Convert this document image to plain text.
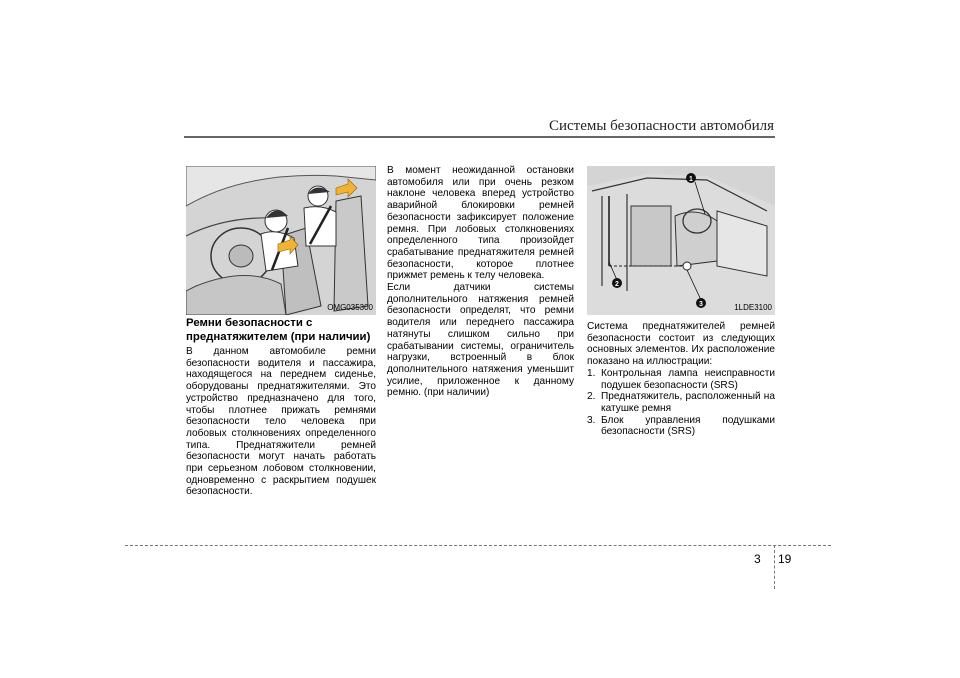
Системы безопасности автомобиля
OMG035300
1
2
3	1LDE3100
Ремни безопасности с преднатяжителем (при наличии)

В данном автомобиле ремни безопасности водителя и пассажира, находящегося на переднем сиденье, оборудованы преднатяжителями. Это устройство предназначено для того, чтобы плотнее прижать ремнями безопасности тело человека при лобовых столкновениях определенного типа. Преднатяжители ремней безопасности могут начать работать при серьезном лобовом столкновении, одновременно с раскрытием подушек безопасности.

В момент неожиданной остановки автомобиля или при очень резком наклоне человека вперед устройство аварийной блокировки ремней безопасности зафиксирует положение ремня. При лобовых столкновениях определенного типа произойдет срабатывание преднатяжителя ремней безопасности, которое плотнее прижмет ремень к телу человека.

Если датчики системы дополнительного натяжения ремней безопасности определят, что ремни водителя или переднего пассажира натянуты слишком сильно при срабатывании системы, ограничитель нагрузки, встроенный в блок дополнительного натяжения уменьшит усилие, приложенное к данному ремню. (при наличии)

Система преднатяжителей ремней безопасности состоит из следующих основных элементов. Их расположение показано на иллюстрации:

1. Контрольная лампа неисправности подушек безопасности (SRS)
2. Преднатяжитель, расположенный на катушке ремня
3. Блок управления подушками безопасности (SRS)
3 19
